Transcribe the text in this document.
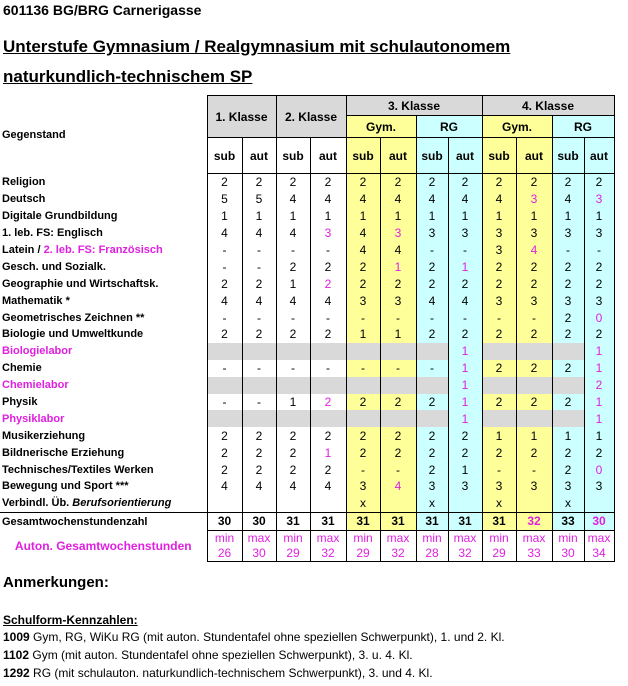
601136 BG/BRG Carnerigasse
Unterstufe Gymnasium / Realgymnasium mit schulautonomem
naturkundlich-technischem SP
Gegenstand	1. Klasse		2. Klasse		3. Klasse				4. Klasse			
					Gym.		RG		Gym.		RG	
	sub	aut	sub	aut	sub	aut	sub	aut	sub	aut	sub	aut
Religion	2	2	2	2	2	2	2	2	2	2	2	2
Deutsch	5	5	4	4	4	4	4	4	4	3	4	3
Digitale Grundbildung	1	1	1	1	1	1	1	1	1	1	1	1
1. leb. FS: Englisch	4	4	4	3	4	3	3	3	3	3	3	3
Latein / 2. leb. FS: Französisch	-	-	-	-	4	4	-	-	3	4	-	-
Gesch. und Sozialk.	-	-	2	2	2	1	2	1	2	2	2	2
Geographie und Wirtschaftsk.	2	2	1	2	2	2	2	2	2	2	2	2
Mathematik *	4	4	4	4	3	3	4	4	3	3	3	3
Geometrisches Zeichnen **	-	-	-	-	-	-	-	-	-	-	2	0
Biologie und Umweltkunde	2	2	2	2	1	1	2	2	2	2	2	2
Biologielabor								1				1
Chemie	-	-	-	-	-	-	-	1	2	2	2	1
Chemielabor								1				2
Physik	-	-	1	2	2	2	2	1	2	2	2	1
Physiklabor								1				1
Musikerziehung	2	2	2	2	2	2	2	2	1	1	1	1
Bildnerische Erziehung	2	2	2	1	2	2	2	2	2	2	2	2
Technisches/Textiles Werken	2	2	2	2	-	-	2	1	-	-	2	0
Bewegung und Sport ***	4	4	4	4	3	4	3	3	3	3	3	3
Verbindl. Üb. Berufsorientierung					x		x		x		x	
Gesamtwochenstundenzahl	30	30	31	31	31	31	31	31	31	32	33	30
Auton. Gesamtwochenstunden	min	max	min	max	min	max	min	max	min	max	min	max
	26	30	29	32	29	32	28	32	29	33	30	34
Anmerkungen:
Schulform-Kennzahlen:
1009 Gym, RG, WiKu RG (mit auton. Stundentafel ohne speziellen Schwerpunkt), 1. und 2. Kl.
1102 Gym (mit auton. Stundentafel ohne speziellen Schwerpunkt), 3. u. 4. Kl.
1292 RG (mit schulauton. naturkundlich-technischem Schwerpunkt), 3. und 4. Kl.
